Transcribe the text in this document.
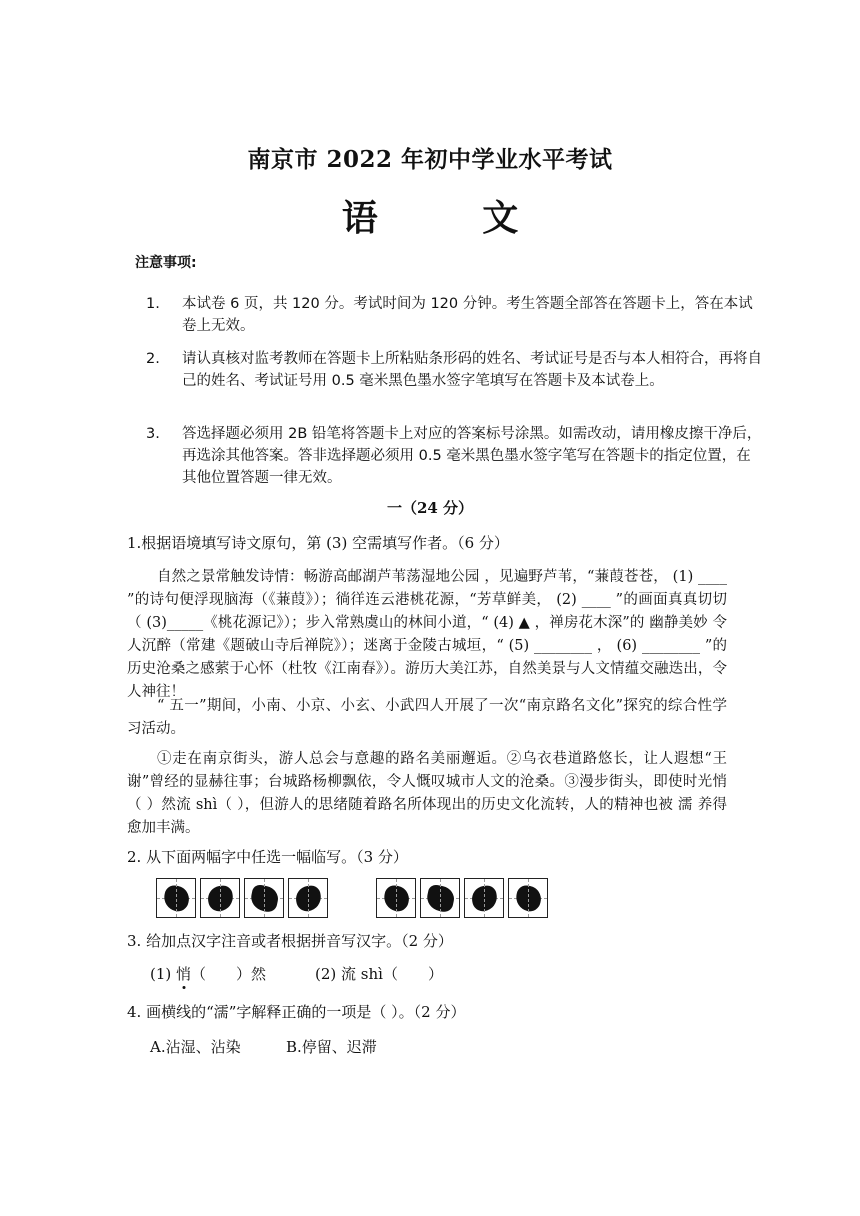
南京市 2022 年初中学业水平考试
语 文
注意事项:
1. 本试卷 6 页，共 120 分。考试时间为 120 分钟。考生答题全部答在答题卡上，答在本试卷上无效。
2. 请认真核对监考教师在答题卡上所粘贴条形码的姓名、考试证号是否与本人相符合，再将自己的姓名、考试证号用 0.5 毫米黑色墨水签字笔填写在答题卡及本试卷上。
3. 答选择题必须用 2B 铅笔将答题卡上对应的答案标号涂黑。如需改动，请用橡皮擦干净后，再选涂其他答案。答非选择题必须用 0.5 毫米黑色墨水签字笔写在答题卡的指定位置，在其他位置答题一律无效。
一（24 分）
1.根据语境填写诗文原句，第 (3) 空需填写作者。（6 分）
自然之景常触发诗情：畅游高邮湖芦苇荡湿地公园 ，见遍野芦苇，“蒹葭苍苍， (1) ____ ”的诗句便浮现脑海（《蒹葭》）；徜徉连云港桃花源，“芳草鲜美， (2) ____ ”的画面真真切切（ (3)_____《桃花源记》）；步入常熟虞山的林间小道，“ (4) ▲ ，禅房花木深”的 幽静美妙 令人沉醉（常建《题破山寺后禅院》）；迷离于金陵古城垣，“ (5) ________ ， (6) ________ ”的历史沧桑之感萦于心怀（杜牧《江南春》）。游历大美江苏，自然美景与人文情蕴交融迭出，令人神往！
“ 五一”期间，小南、小京、小玄、小武四人开展了一次“南京路名文化”探究的综合性学习活动。
①走在南京街头，游人总会与意趣的路名美丽邂逅。②乌衣巷道路悠长，让人遐想“王谢”曾经的显赫往事；台城路杨柳飘依，令人慨叹城市人文的沧桑。③漫步街头，即使时光悄 （ ）然流 shì（ ），但游人的思绪随着路名所体现出的历史文化流转，人的精神也被 濡 养得愈加丰满。
2. 从下面两幅字中任选一幅临写。（3 分）
3. 给加点汉字注音或者根据拼音写汉字。（2 分）
(1) 悄（　　）然	(2) 流 shì（　　）
4. 画横线的“濡”字解释正确的一项是（ ）。（2 分）
A.沾湿、沾染	B.停留、迟滞
